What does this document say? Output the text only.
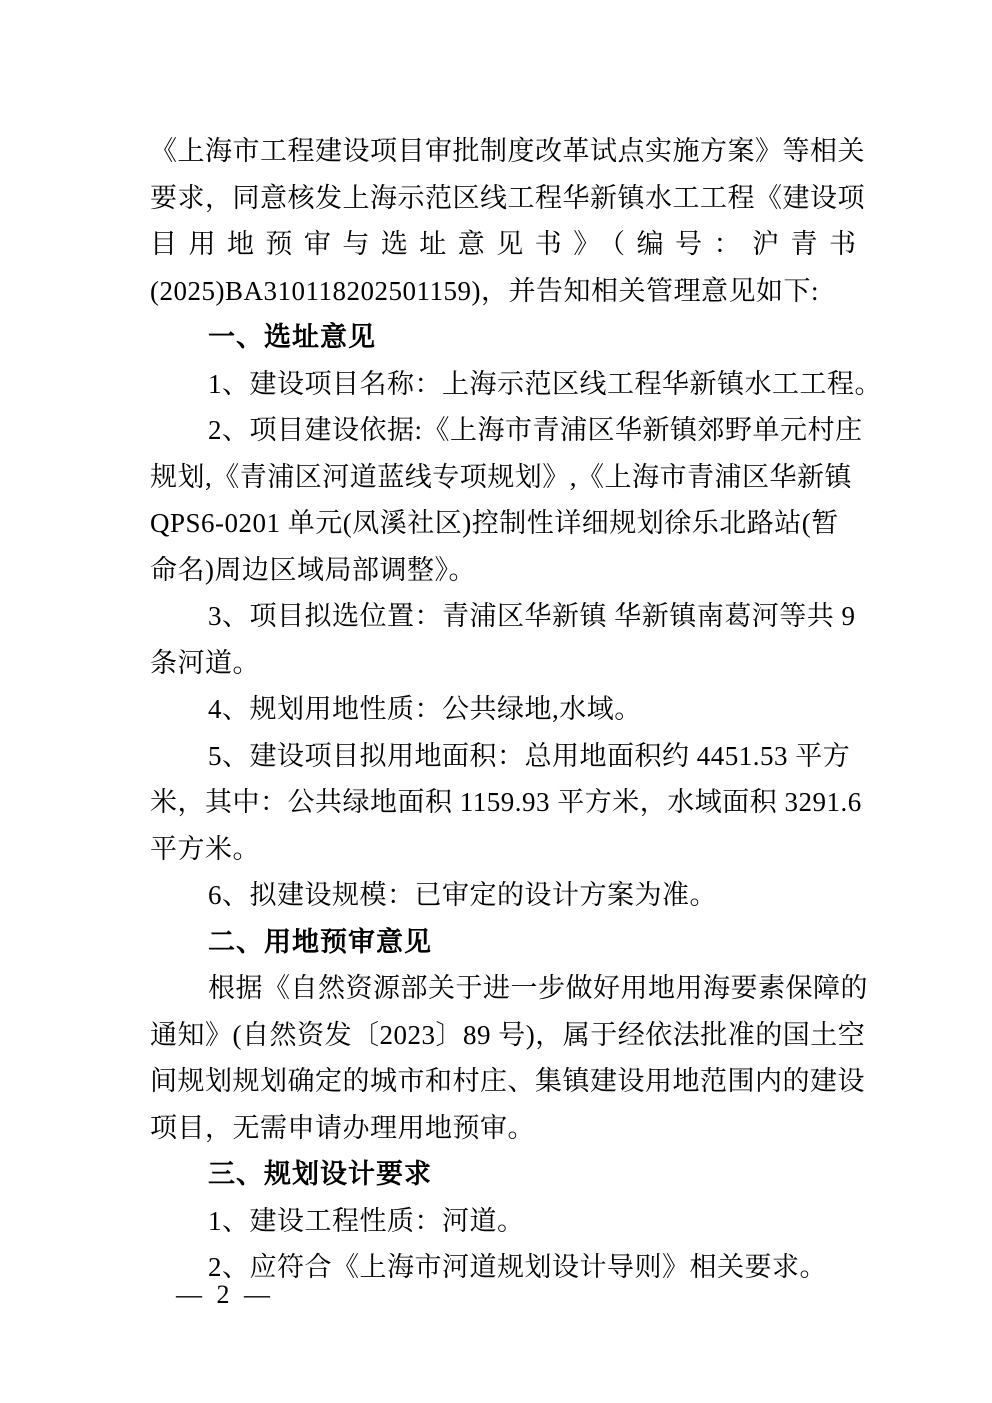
《上海市工程建设项目审批制度改革试点实施方案》等相关
要求，同意核发上海示范区线工程华新镇水工工程《建设项
目用地预审与选址意见书》（编号：沪青书
(2025)BA310118202501159)，并告知相关管理意见如下:
一、选址意见
1、建设项目名称：上海示范区线工程华新镇水工工程。
2、项目建设依据:《上海市青浦区华新镇郊野单元村庄
规划,《青浦区河道蓝线专项规划》,《上海市青浦区华新镇
QPS6-0201 单元(凤溪社区)控制性详细规划徐乐北路站(暂
命名)周边区域局部调整》。
3、项目拟选位置：青浦区华新镇 华新镇南葛河等共 9
条河道。
4、规划用地性质：公共绿地,水域。
5、建设项目拟用地面积：总用地面积约 4451.53 平方
米，其中：公共绿地面积 1159.93 平方米，水域面积 3291.6
平方米。
6、拟建设规模：已审定的设计方案为准。
二、用地预审意见
根据《自然资源部关于进一步做好用地用海要素保障的
通知》(自然资发〔2023〕89 号)，属于经依法批准的国土空
间规划规划确定的城市和村庄、集镇建设用地范围内的建设
项目，无需申请办理用地预审。
三、规划设计要求
1、建设工程性质：河道。
2、应符合《上海市河道规划设计导则》相关要求。
— 2 —
